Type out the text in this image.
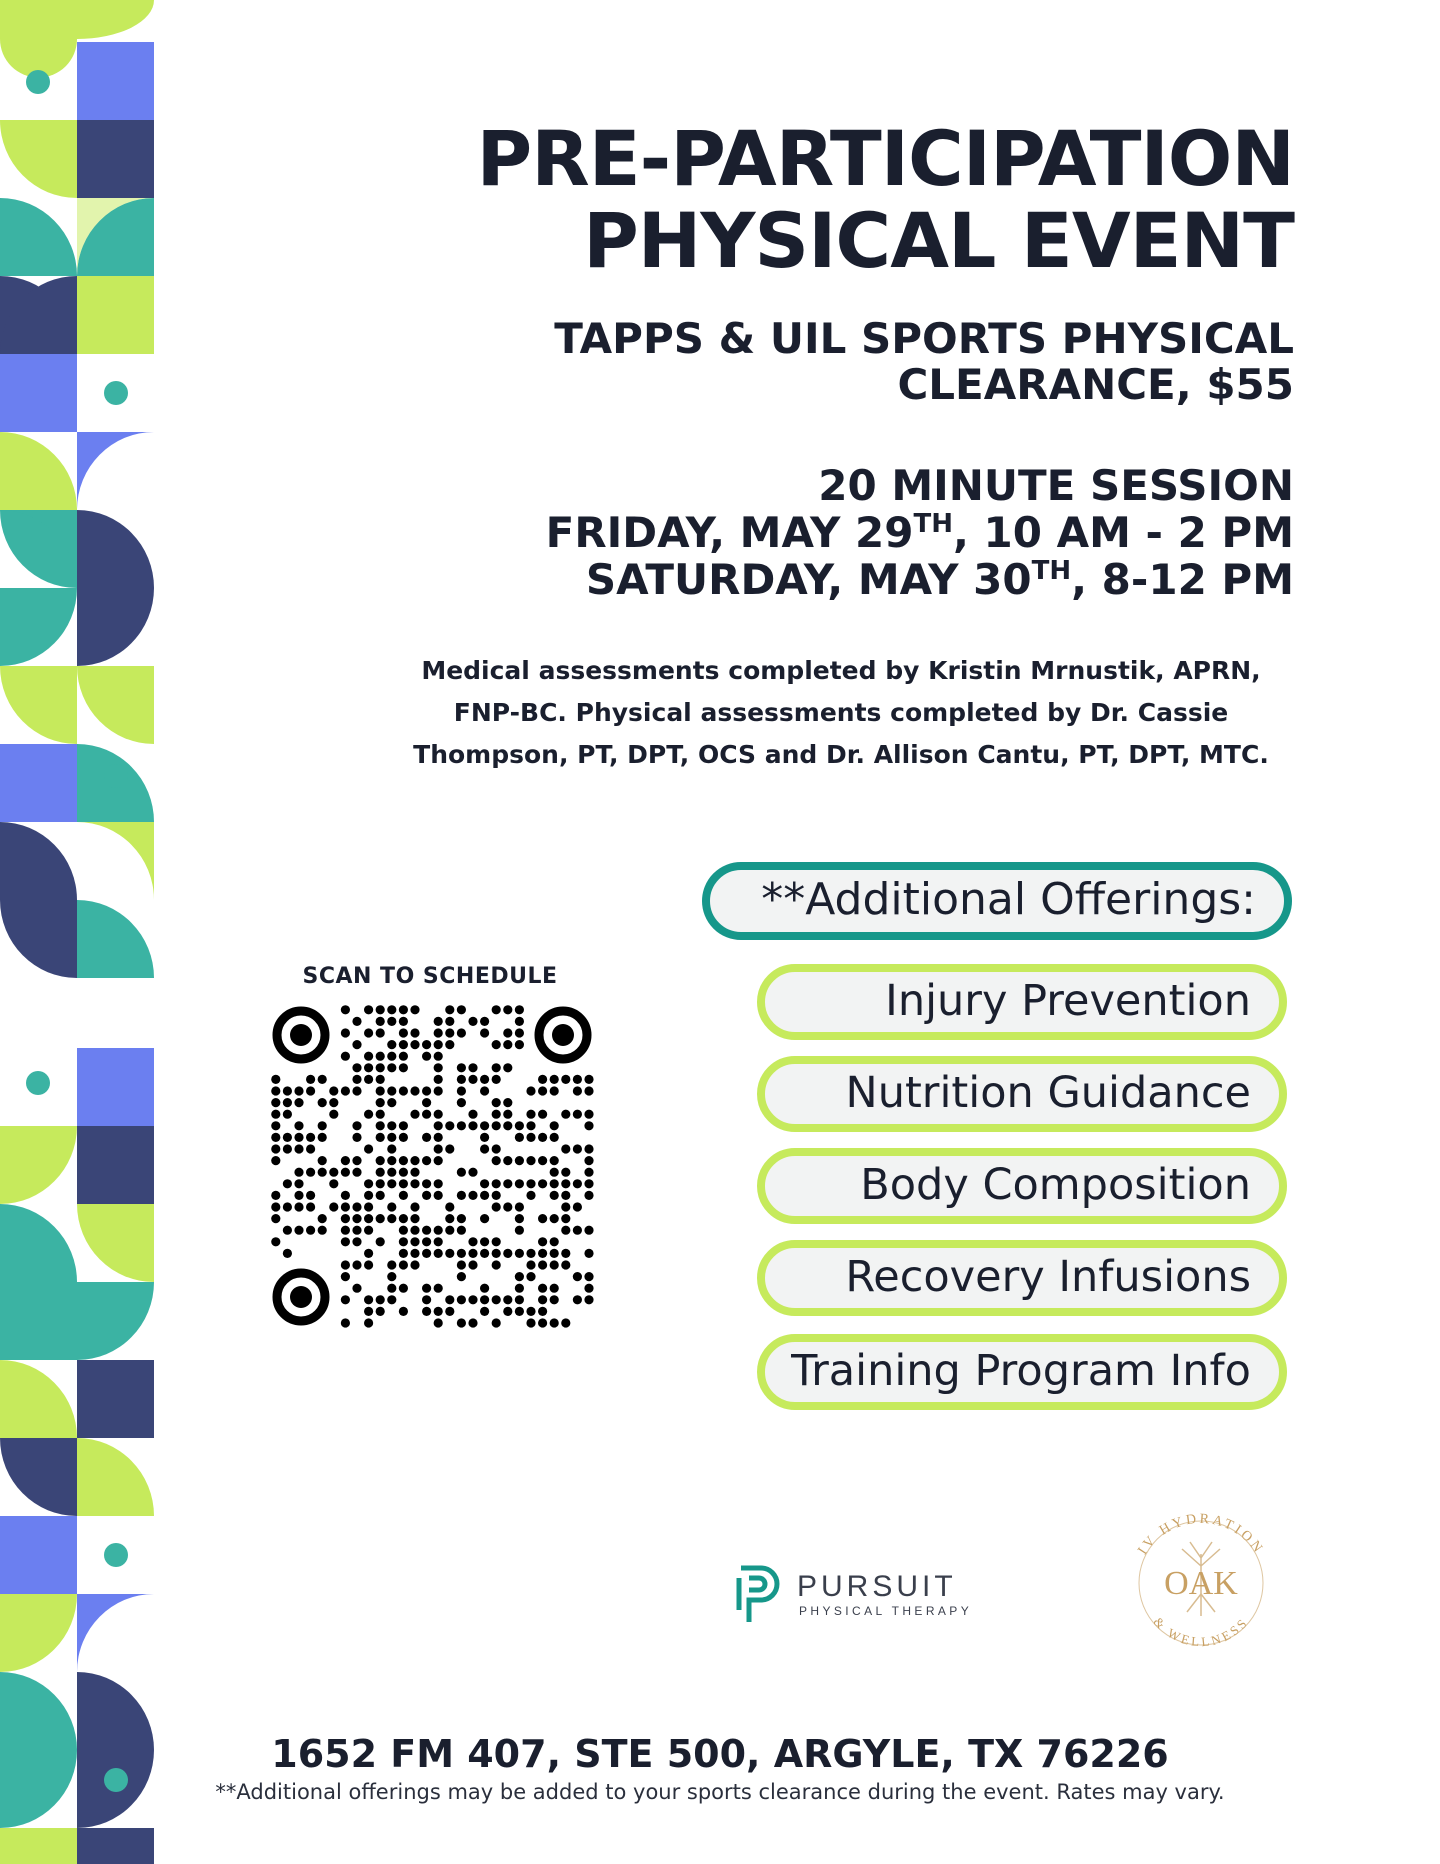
PRE-PARTICIPATION
PHYSICAL EVENT
TAPPS & UIL SPORTS PHYSICAL
CLEARANCE, $55
20 MINUTE SESSION
FRIDAY, MAY 29TH, 10 AM - 2 PM
SATURDAY, MAY 30TH, 8-12 PM
Medical assessments completed by Kristin Mrnustik, APRN,
FNP-BC. Physical assessments completed by Dr. Cassie
Thompson, PT, DPT, OCS and Dr. Allison Cantu, PT, DPT, MTC.
SCAN TO SCHEDULE
**Additional Offerings:
Injury Prevention
Nutrition Guidance
Body Composition
Recovery Infusions
Training Program Info
PURSUIT
PHYSICAL THERAPY
IV HYDRATION
OAK
& WELLNESS
1652 FM 407, STE 500, ARGYLE, TX 76226
**Additional offerings may be added to your sports clearance during the event. Rates may vary.
